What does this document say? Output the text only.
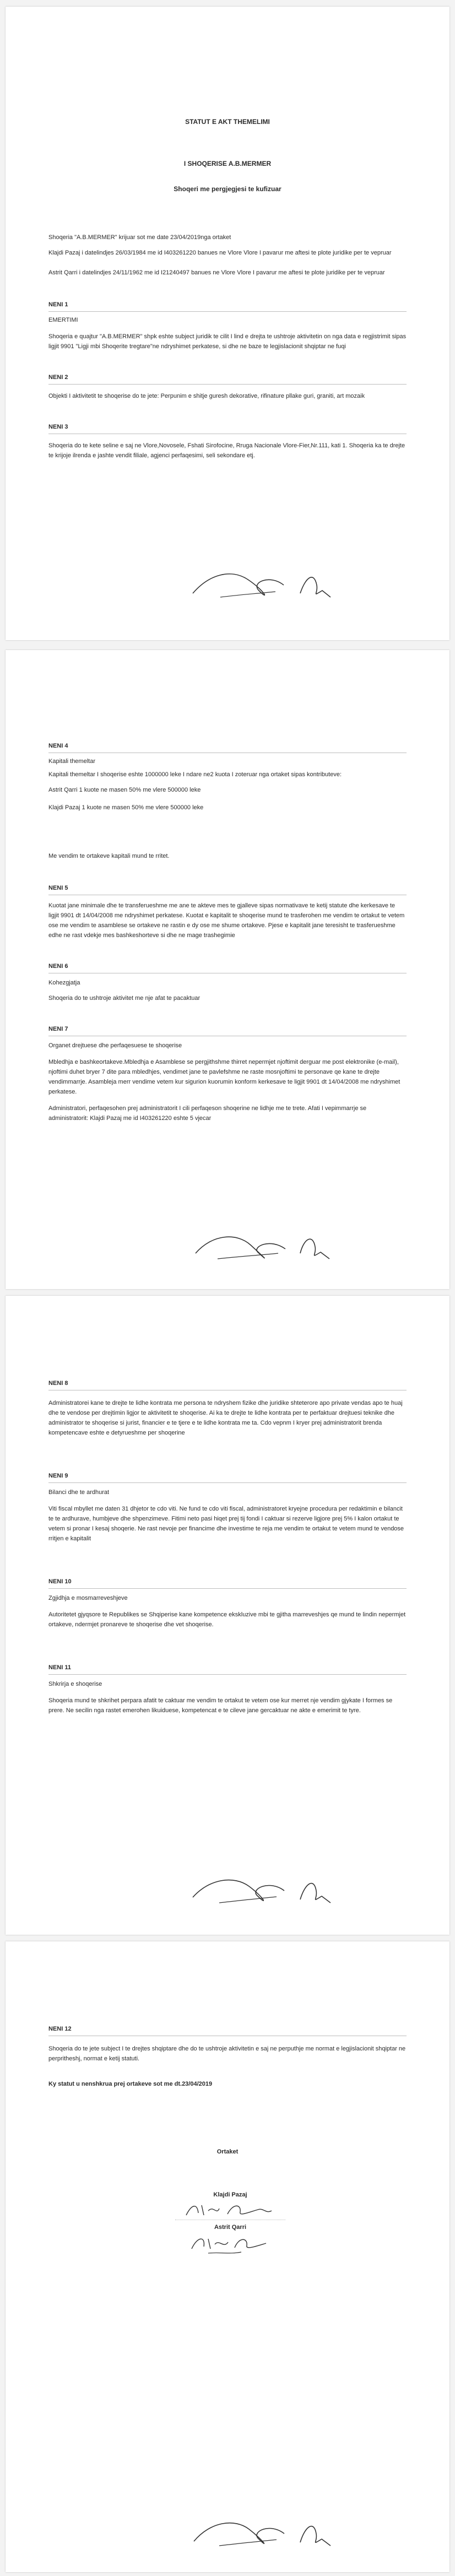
STATUT E AKT THEMELIMI
I SHOQERISE A.B.MERMER
Shoqeri me pergjegjesi te kufizuar

Shoqeria "A.B.MERMER" krijuar sot me date 23/04/2019nga ortaket

Klajdi Pazaj i datelindjes 26/03/1984 me id I403261220 banues ne Vlore Vlore I pavarur me aftesi te plote juridike per te vepruar

Astrit Qarri i datelindjes 24/11/1962 me id I21240497 banues ne Vlore Vlore I pavarur me aftesi te plote juridike per te vepruar

NENI 1
EMERTIMI

Shoqeria e quajtur "A.B.MERMER" shpk eshte subject juridik te cilit I lind e drejta te ushtroje aktivitetin on nga data e regjistrimit sipas ligjit 9901 "Ligji mbi Shoqerite tregtare"ne ndryshimet perkatese, si dhe ne baze te legjislacionit shqiptar ne fuqi

NENI 2

Objekti I aktivitetit te shoqerise do te jete: Perpunim e shitje guresh dekorative, rifinature pllake guri, graniti, art mozaik

NENI 3

Shoqeria do te kete seline e saj ne Vlore,Novosele, Fshati Sirofocine, Rruga Nacionale Vlore-Fier,Nr.111, kati 1. Shoqeria ka te drejte te krijoje ilrenda e jashte vendit filiale, agjenci perfaqesimi, seli sekondare etj.

NENI 4
Kapitali themeltar

Kapitali themeltar I shoqerise eshte 1000000 leke I ndare ne2 kuota I zoteruar nga ortaket sipas kontributeve:

Astrit Qarri 1 kuote ne masen 50% me vlere 500000 leke

Klajdi Pazaj 1 kuote ne masen 50% me vlere 500000 leke

Me vendim te ortakeve kapitali mund te rritet.

NENI 5

Kuotat jane minimale dhe te transferueshme me ane te akteve mes te gjalleve sipas normativave te ketij statute dhe kerkesave te ligjit 9901 dt 14/04/2008 me ndryshimet perkatese. Kuotat e kapitalit te shoqerise mund te trasferohen me vendim te ortakut te vetem ose me vendim te asamblese se ortakeve ne rastin e dy ose me shume ortakeve. Pjese e kapitalit jane teresisht te trasferueshme edhe ne rast vdekje mes bashkeshorteve si dhe ne mage trashegimie

NENI 6
Kohezgjatja

Shoqeria do te ushtroje aktivitet me nje afat te pacaktuar

NENI 7
Organet drejtuese dhe perfaqesuese te shoqerise

Mbledhja e bashkeortakeve.Mbledhja e Asamblese se pergjithshme thirret nepermjet njoftimit derguar me post elektronike (e-mail), njoftimi duhet bryer 7 dite para mbledhjes, vendimet jane te pavlefshme ne raste mosnjoftimi te personave qe kane te drejte vendimmarrje. Asambleja merr vendime vetem kur sigurion kuorumin konform kerkesave te ligjit 9901 dt 14/04/2008 me ndryshimet perkatese.

Administratori, perfaqesohen prej administratorit I cili perfaqeson shoqerine ne lidhje me te trete. Afati I vepimmarrje se administratorit: Klajdi Pazaj me id I403261220 eshte 5 vjecar

NENI 8

Administratorei kane te drejte te lidhe kontrata me persona te ndryshem fizike dhe juridike shteterore apo private vendas apo te huaj dhe te vendose per drejtimin ligjor te aktivitetit te shoqerise. Ai ka te drejte te lidhe kontrata per te perfaktuar drejtuesi teknike dhe administrator te shoqerise si jurist, financier e te tjere e te lidhe kontrata me ta. Cdo vepnm I kryer prej administratorit brenda kompetencave eshte e detyrueshme per shoqerine

NENI 9
Bilanci dhe te ardhurat

Viti fiscal mbyllet me daten 31 dhjetor te cdo viti. Ne fund te cdo viti fiscal, administratoret kryejne procedura per redaktimin e bilancit te te ardhurave, humbjeve dhe shpenzimeve. Fitimi neto pasi hiqet prej tij fondi I caktuar si rezerve ligjore prej 5% I kalon ortakut te vetem si pronar I kesaj shoqerie. Ne rast nevoje per financime dhe investime te reja me vendim te ortakut te vetem mund te vendose rritjen e kapitalit

NENI 10
Zgjidhja e mosmarreveshjeve

Autoritetet gjyqsore te Republikes se Shqiperise kane kompetence ekskluzive mbi te gjitha marreveshjes qe mund te lindin nepermjet ortakeve, ndermjet pronareve te shoqerise dhe vet shoqerise.

NENI 11
Shkrirja e shoqerise

Shoqeria mund te shkrihet perpara afatit te caktuar me vendim te ortakut te vetem ose kur merret nje vendim gjykate I formes se prere. Ne secilin nga rastet emerohen likuiduese, kompetencat e te cileve jane gercaktuar ne akte e emerimit te tyre.

NENI 12

Shoqeria do te jete subject I te drejtes shqiptare dhe do te ushtroje aktivitetin e saj ne perputhje me normat e legjislacionit shqiptar ne perpritheshj, normat e ketij statuti.

Ky statut u nenshkrua prej ortakeve sot me dt.23/04/2019

Ortaket
Klajdi Pazaj
Astrit Qarri
